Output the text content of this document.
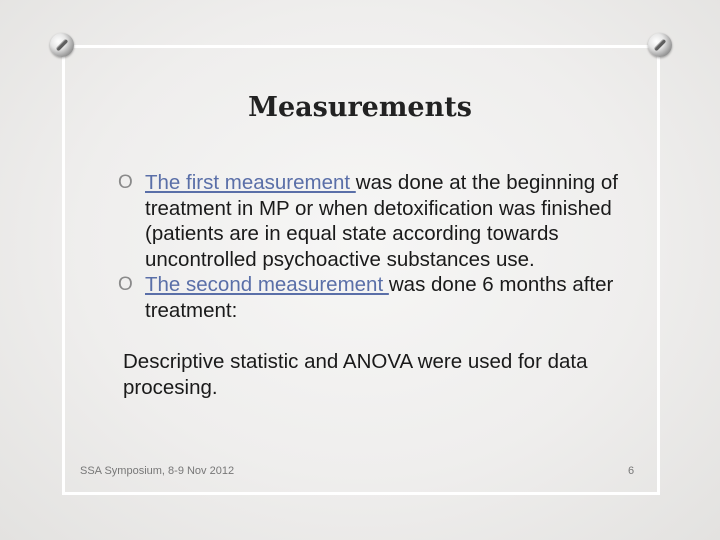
Measurements
O The first measurement was done at the beginning of treatment in MP or when detoxification was finished (patients are in equal state according towards uncontrolled psychoactive substances use.
O The second measurement was done 6 months after treatment:
Descriptive statistic and ANOVA were used for data procesing.
SSA Symposium, 8-9 Nov 2012	6
